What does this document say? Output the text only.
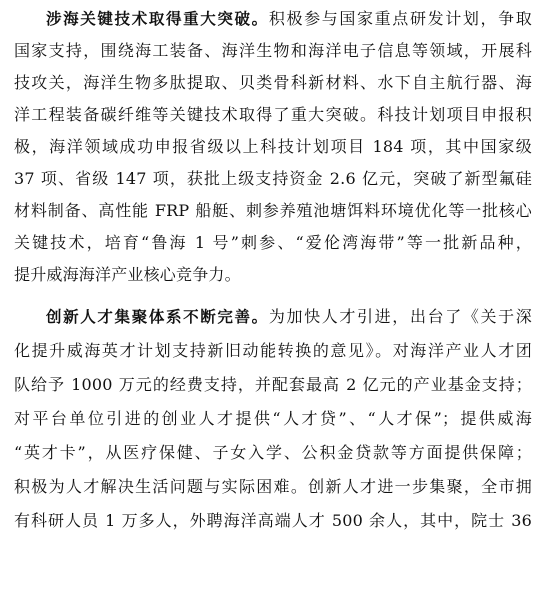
涉海关键技术取得重大突破。积极参与国家重点研发计划，争取
国家支持，围绕海工装备、海洋生物和海洋电子信息等领域，开展科
技攻关，海洋生物多肽提取、贝类骨科新材料、水下自主航行器、海
洋工程装备碳纤维等关键技术取得了重大突破。科技计划项目申报积
极，海洋领域成功申报省级以上科技计划项目 184 项，其中国家级
37 项、省级 147 项，获批上级支持资金 2.6 亿元，突破了新型氟硅
材料制备、高性能 FRP 船艇、刺参养殖池塘饵料环境优化等一批核心
关键技术，培育“鲁海 1 号”刺参、“爱伦湾海带”等一批新品种，
提升威海海洋产业核心竞争力。
创新人才集聚体系不断完善。为加快人才引进，出台了《关于深
化提升威海英才计划支持新旧动能转换的意见》。对海洋产业人才团
队给予 1000 万元的经费支持，并配套最高 2 亿元的产业基金支持；
对平台单位引进的创业人才提供“人才贷”、“人才保”；提供威海
“英才卡”，从医疗保健、子女入学、公积金贷款等方面提供保障；
积极为人才解决生活问题与实际困难。创新人才进一步集聚，全市拥
有科研人员 1 万多人，外聘海洋高端人才 500 余人，其中，院士 36
